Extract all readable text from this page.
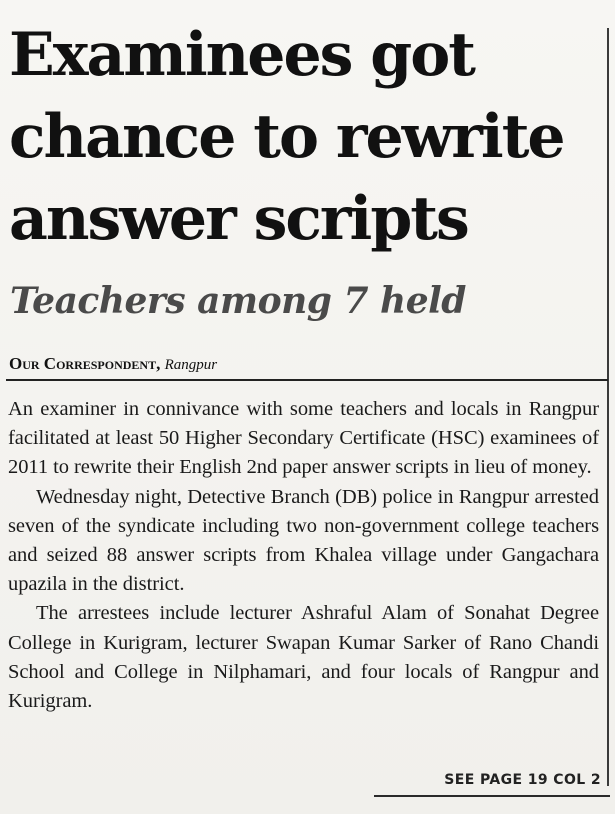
Examinees got chance to rewrite answer scripts
Teachers among 7 held
Our Correspondent, Rangpur

An examiner in connivance with some teachers and locals in Rangpur facilitated at least 50 Higher Secondary Certificate (HSC) examinees of 2011 to rewrite their English 2nd paper answer scripts in lieu of money.

Wednesday night, Detective Branch (DB) police in Rangpur arrested seven of the syndicate including two non-government college teachers and seized 88 answer scripts from Khalea village under Gangachara upazila in the district.

The arrestees include lecturer Ashraful Alam of Sonahat Degree College in Kurigram, lecturer Swapan Kumar Sarker of Rano Chandi School and College in Nilphamari, and four locals of Rangpur and Kurigram.

SEE PAGE 19 COL 2
